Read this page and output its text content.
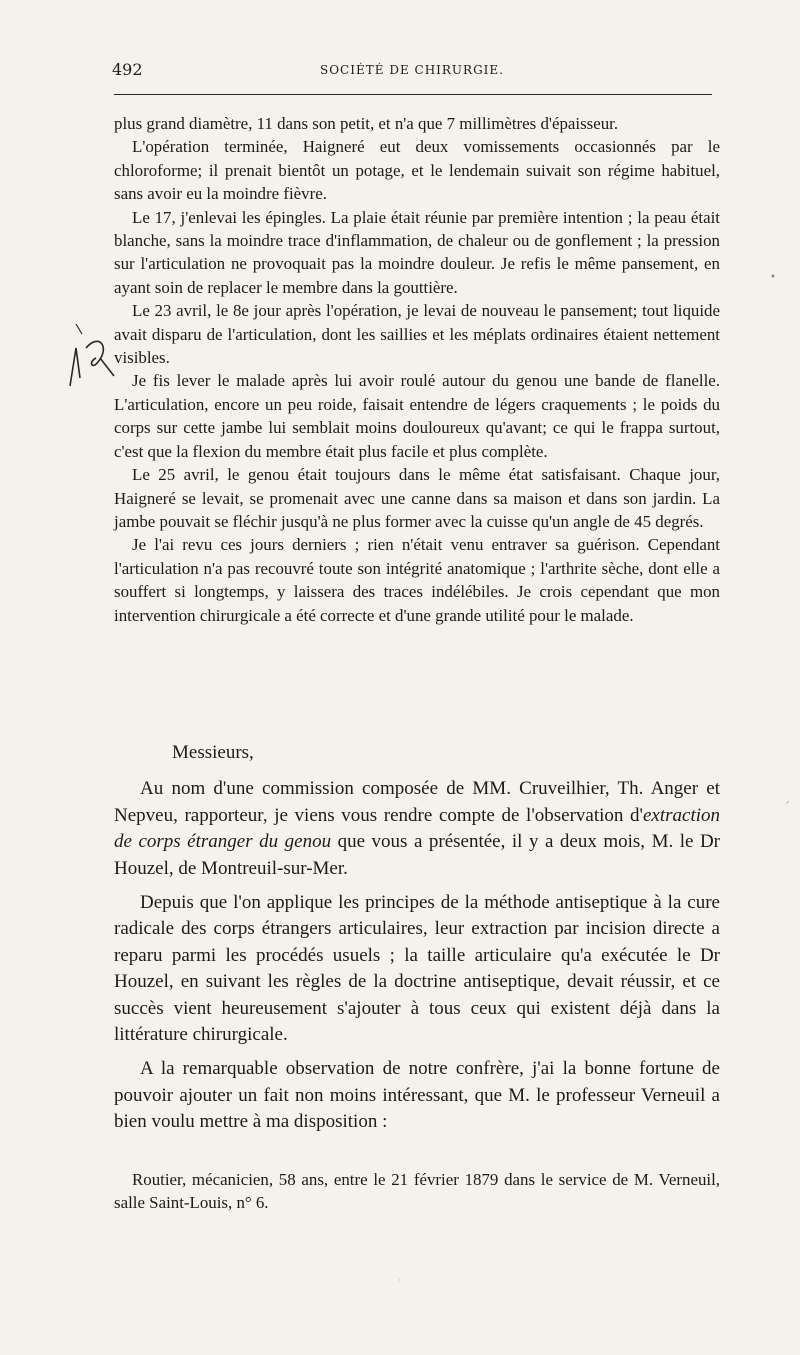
492	SOCIÉTÉ DE CHIRURGIE.

plus grand diamètre, 11 dans son petit, et n'a que 7 millimètres d'épaisseur.

L'opération terminée, Haigneré eut deux vomissements occasionnés par le chloroforme; il prenait bientôt un potage, et le lendemain suivait son régime habituel, sans avoir eu la moindre fièvre.

Le 17, j'enlevai les épingles. La plaie était réunie par première intention ; la peau était blanche, sans la moindre trace d'inflammation, de chaleur ou de gonflement ; la pression sur l'articulation ne provoquait pas la moindre douleur. Je refis le même pansement, en ayant soin de replacer le membre dans la gouttière.

Le 23 avril, le 8e jour après l'opération, je levai de nouveau le pansement; tout liquide avait disparu de l'articulation, dont les saillies et les méplats ordinaires étaient nettement visibles.

Je fis lever le malade après lui avoir roulé autour du genou une bande de flanelle. L'articulation, encore un peu roide, faisait entendre de légers craquements ; le poids du corps sur cette jambe lui semblait moins douloureux qu'avant; ce qui le frappa surtout, c'est que la flexion du membre était plus facile et plus complète.

Le 25 avril, le genou était toujours dans le même état satisfaisant. Chaque jour, Haigneré se levait, se promenait avec une canne dans sa maison et dans son jardin. La jambe pouvait se fléchir jusqu'à ne plus former avec la cuisse qu'un angle de 45 degrés.

Je l'ai revu ces jours derniers ; rien n'était venu entraver sa guérison. Cependant l'articulation n'a pas recouvré toute son intégrité anatomique ; l'arthrite sèche, dont elle a souffert si longtemps, y laissera des traces indélébiles. Je crois cependant que mon intervention chirurgicale a été correcte et d'une grande utilité pour le malade.

Messieurs,

Au nom d'une commission composée de MM. Cruveilhier, Th. Anger et Nepveu, rapporteur, je viens vous rendre compte de l'observation d'extraction de corps étranger du genou que vous a présentée, il y a deux mois, M. le Dr Houzel, de Montreuil-sur-Mer.

Depuis que l'on applique les principes de la méthode antiseptique à la cure radicale des corps étrangers articulaires, leur extraction par incision directe a reparu parmi les procédés usuels ; la taille articulaire qu'a exécutée le Dr Houzel, en suivant les règles de la doctrine antiseptique, devait réussir, et ce succès vient heureusement s'ajouter à tous ceux qui existent déjà dans la littérature chirurgicale.

A la remarquable observation de notre confrère, j'ai la bonne fortune de pouvoir ajouter un fait non moins intéressant, que M. le professeur Verneuil a bien voulu mettre à ma disposition :

Routier, mécanicien, 58 ans, entre le 21 février 1879 dans le service de M. Verneuil, salle Saint-Louis, n° 6.

•
´
·
